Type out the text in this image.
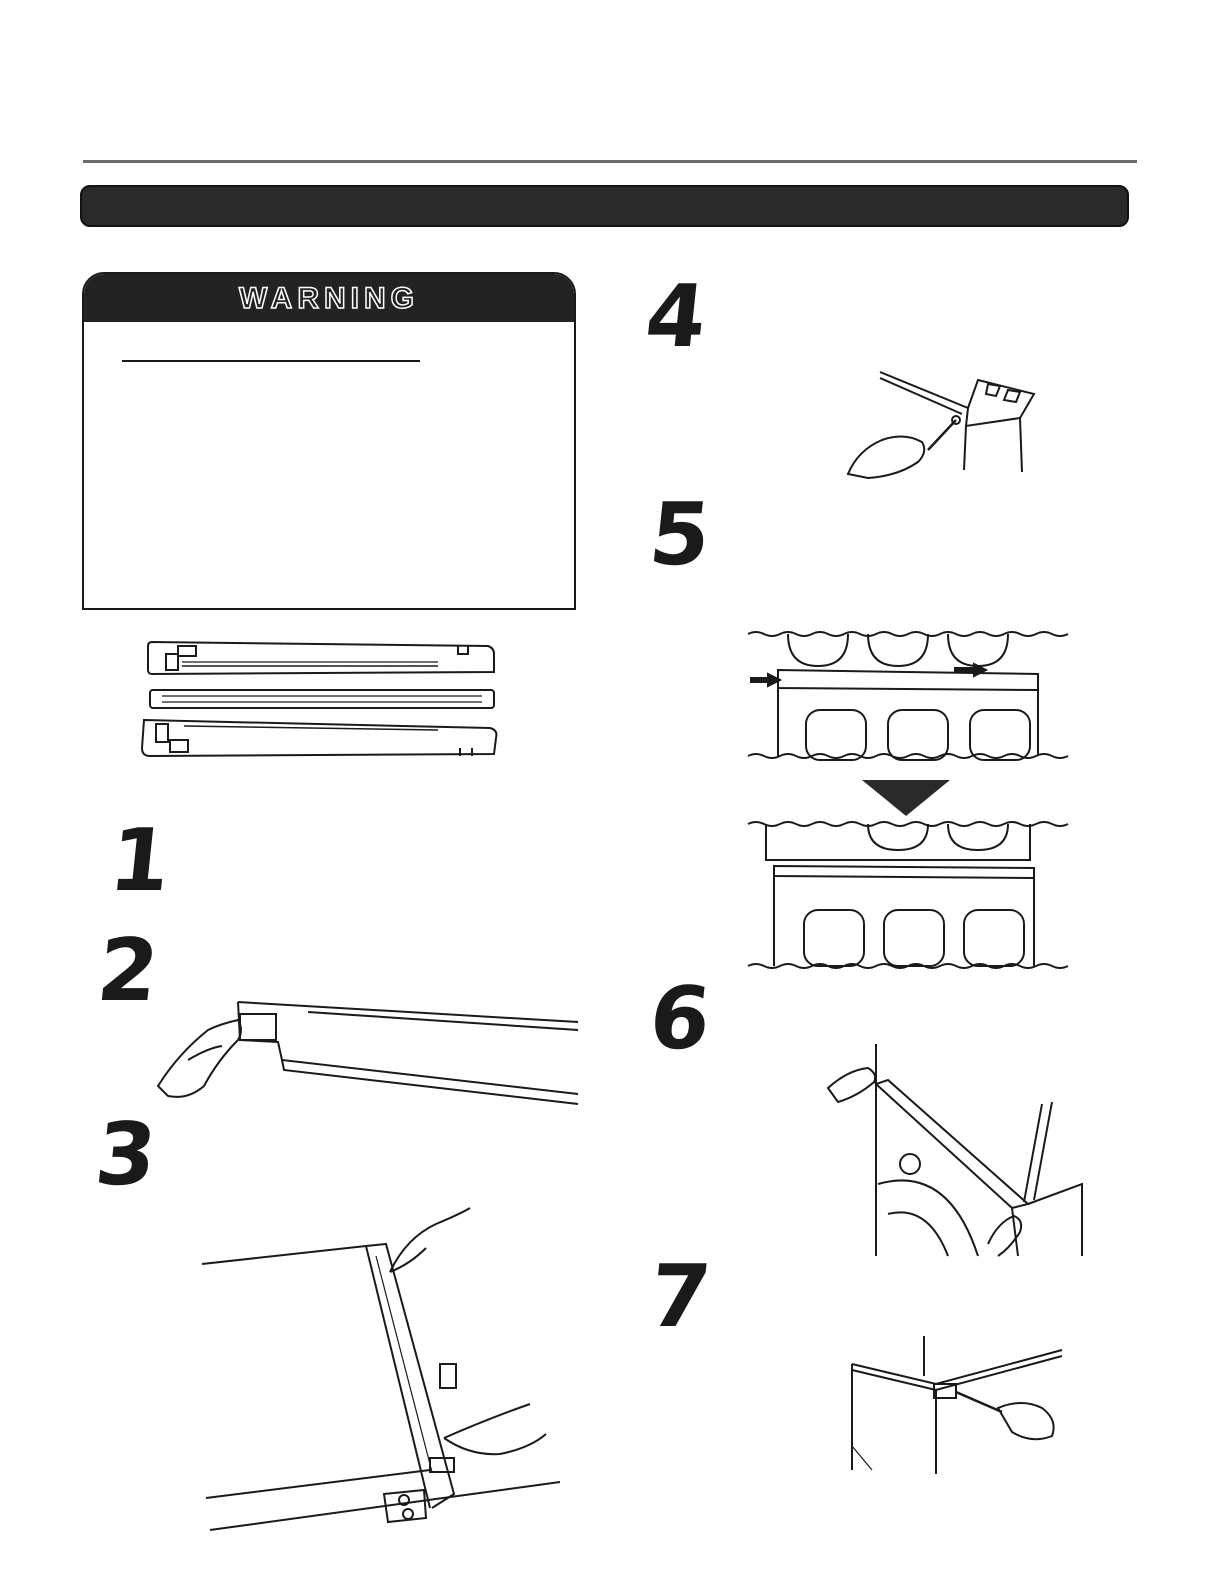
WARNING
1
2
3
4
5
6
7
